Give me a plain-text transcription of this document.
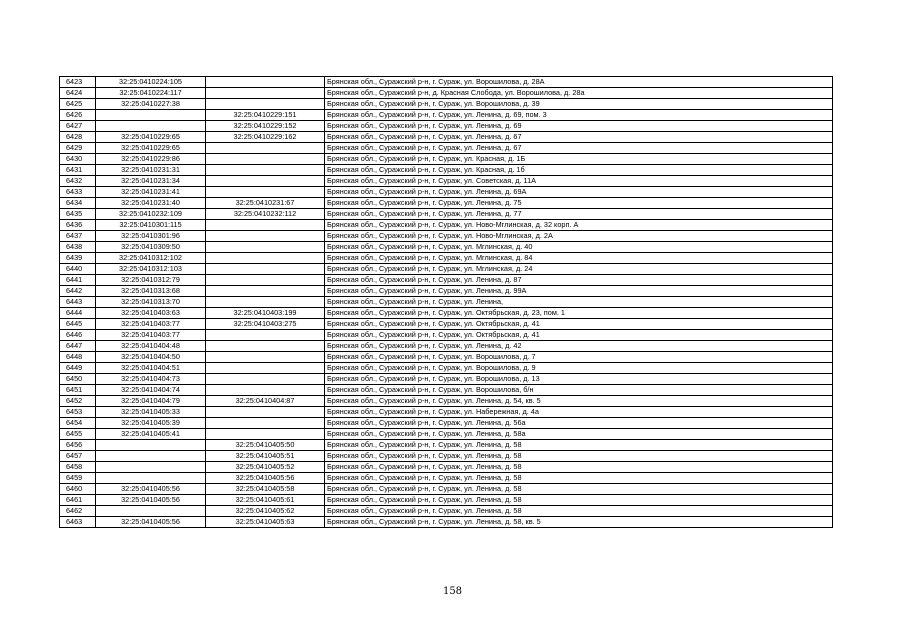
6423	32:25:0410224:105		Брянская обл., Суражский р-н, г. Сураж, ул. Ворошилова, д. 28А
6424	32:25:0410224:117		Брянская обл., Суражский р-н, д. Красная Слобода, ул. Ворошилова, д. 28а
6425	32:25:0410227:38		Брянская обл., Суражский р-н, г. Сураж, ул. Ворошилова, д. 39
6426		32:25:0410229:151	Брянская обл., Суражский р-н, г. Сураж, ул. Ленина, д. 69, пом. 3
6427		32:25:0410229:152	Брянская обл., Суражский р-н, г. Сураж, ул. Ленина, д. 69
6428	32:25:0410229:65	32:25:0410229:162	Брянская обл., Суражский р-н, г. Сураж, ул. Ленина, д. 67
6429	32:25:0410229:65		Брянская обл., Суражский р-н, г. Сураж, ул. Ленина, д. 67
6430	32:25:0410229:86		Брянская обл., Суражский р-н, г. Сураж, ул. Красная, д. 1Б
6431	32:25:0410231:31		Брянская обл., Суражский р-н, г. Сураж, ул. Красная, д. 1б
6432	32:25:0410231:34		Брянская обл., Суражский р-н, г. Сураж, ул. Советская, д. 11А
6433	32:25:0410231:41		Брянская обл., Суражский р-н, г. Сураж, ул. Ленина, д. 69А
6434	32:25:0410231:40	32:25:0410231:67	Брянская обл., Суражский р-н, г. Сураж, ул. Ленина, д. 75
6435	32:25:0410232:109	32:25:0410232:112	Брянская обл., Суражский р-н, г. Сураж, ул. Ленина, д. 77
6436	32:25:0410301:115		Брянская обл., Суражский р-н, г. Сураж, ул. Ново-Мглинская, д. 32 корп. А
6437	32:25:0410301:96		Брянская обл., Суражский р-н, г. Сураж, ул. Ново-Мглинская, д. 2А
6438	32:25:0410309:50		Брянская обл., Суражский р-н, г. Сураж, ул. Мглинская, д. 40
6439	32:25:0410312:102		Брянская обл., Суражский р-н, г. Сураж, ул. Мглинская, д. 84
6440	32:25:0410312:103		Брянская обл., Суражский р-н, г. Сураж, ул. Мглинская, д. 24
6441	32:25:0410312:79		Брянская обл., Суражский р-н, г. Сураж, ул. Ленина, д. 87
6442	32:25:0410313:68		Брянская обл., Суражский р-н, г. Сураж, ул. Ленина, д. 99А
6443	32:25:0410313:70		Брянская обл., Суражский р-н, г. Сураж, ул. Ленина,
6444	32:25:0410403:63	32:25:0410403:199	Брянская обл., Суражский р-н, г. Сураж, ул. Октябрьская, д. 23, пом. 1
6445	32:25:0410403:77	32:25:0410403:275	Брянская обл., Суражский р-н, г. Сураж, ул. Октябрьская, д. 41
6446	32:25:0410403:77		Брянская обл., Суражский р-н, г. Сураж, ул. Октябрьская, д. 41
6447	32:25:0410404:48		Брянская обл., Суражский р-н, г. Сураж, ул. Ленина, д. 42
6448	32:25:0410404:50		Брянская обл., Суражский р-н, г. Сураж, ул. Ворошилова, д. 7
6449	32:25:0410404:51		Брянская обл., Суражский р-н, г. Сураж, ул. Ворошилова, д. 9
6450	32:25:0410404:73		Брянская обл., Суражский р-н, г. Сураж, ул. Ворошилова, д. 13
6451	32:25:0410404:74		Брянская обл., Суражский р-н, г. Сураж, ул. Ворошилова, б/н
6452	32:25:0410404:79	32:25:0410404:87	Брянская обл., Суражский р-н, г. Сураж, ул. Ленина, д. 54, кв. 5
6453	32:25:0410405:33		Брянская обл., Суражский р-н, г. Сураж, ул. Набережная, д. 4а
6454	32:25:0410405:39		Брянская обл., Суражский р-н, г. Сураж, ул. Ленина, д. 56а
6455	32:25:0410405:41		Брянская обл., Суражский р-н, г. Сураж, ул. Ленина, д. 58а
6456		32:25:0410405:50	Брянская обл., Суражский р-н, г. Сураж, ул. Ленина, д. 58
6457		32:25:0410405:51	Брянская обл., Суражский р-н, г. Сураж, ул. Ленина, д. 58
6458		32:25:0410405:52	Брянская обл., Суражский р-н, г. Сураж, ул. Ленина, д. 58
6459		32:25:0410405:56	Брянская обл., Суражский р-н, г. Сураж, ул. Ленина, д. 58
6460	32:25:0410405:56	32:25:0410405:58	Брянская обл., Суражский р-н, г. Сураж, ул. Ленина, д. 58
6461	32:25:0410405:56	32:25:0410405:61	Брянская обл., Суражский р-н, г. Сураж, ул. Ленина, д. 58
6462		32:25:0410405:62	Брянская обл., Суражский р-н, г. Сураж, ул. Ленина, д. 58
6463	32:25:0410405:56	32:25:0410405:63	Брянская обл., Суражский р-н, г. Сураж, ул. Ленина, д. 58, кв. 5
158
